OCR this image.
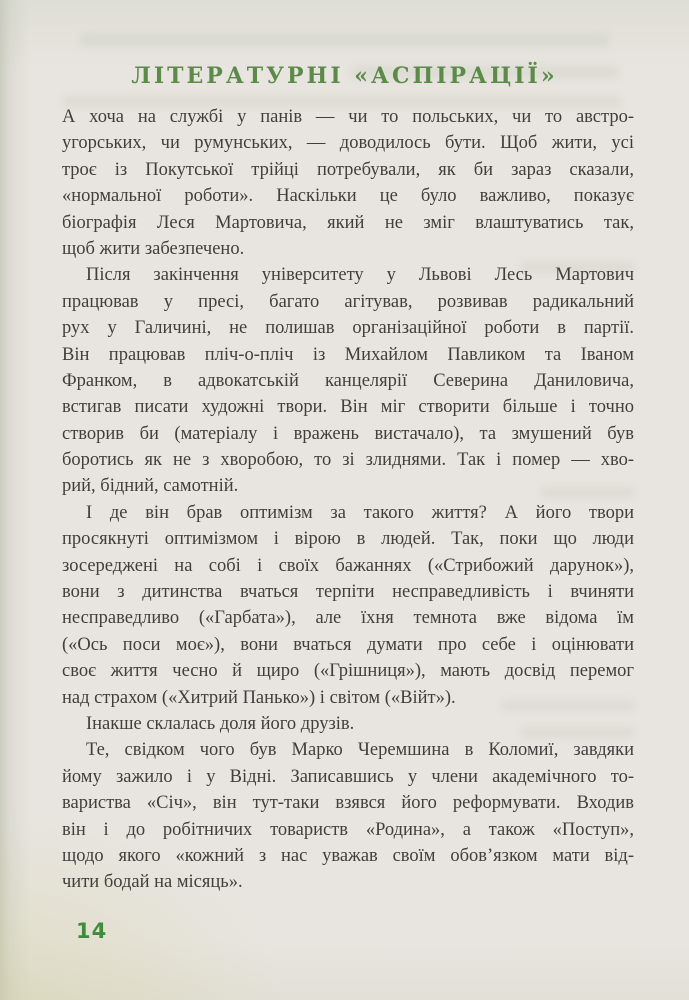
ЛІТЕРАТУРНІ «АСПІРАЦІЇ»
А хоча на службі у панів — чи то польських, чи то австро-
угорських, чи румунських, — доводилось бути. Щоб жити, усі
троє із Покутської трійці потребували, як би зараз сказали,
«нормальної роботи». Наскільки це було важливо, показує
біографія Леся Мартовича, який не зміг влаштуватись так,
щоб жити забезпечено.
Після закінчення університету у Львові Лесь Мартович
працював у пресі, багато агітував, розвивав радикальний
рух у Галичині, не полишав організаційної роботи в партії.
Він працював пліч-о-пліч із Михайлом Павликом та Іваном
Франком, в адвокатській канцелярії Северина Даниловича,
встигав писати художні твори. Він міг створити більше і точно
створив би (матеріалу і вражень вистачало), та змушений був
боротись як не з хворобою, то зі злиднями. Так і помер — хво-
рий, бідний, самотній.
І де він брав оптимізм за такого життя? А його твори
просякнуті оптимізмом і вірою в людей. Так, поки що люди
зосереджені на собі і своїх бажаннях («Стрибожий дарунок»),
вони з дитинства вчаться терпіти несправедливість і вчиняти
несправедливо («Гарбата»), але їхня темнота вже відома їм
(«Ось поси моє»), вони вчаться думати про себе і оцінювати
своє життя чесно й щиро («Грішниця»), мають досвід перемог
над страхом («Хитрий Панько») і світом («Війт»).
Інакше склалась доля його друзів.
Те, свідком чого був Марко Черемшина в Коломиї, завдяки
йому зажило і у Відні. Записавшись у члени академічного то-
вариства «Січ», він тут-таки взявся його реформувати. Входив
він і до робітничих товариств «Родина», а також «Поступ»,
щодо якого «кожний з нас уважав своїм обов’язком мати від-
чити бодай на місяць».
14
